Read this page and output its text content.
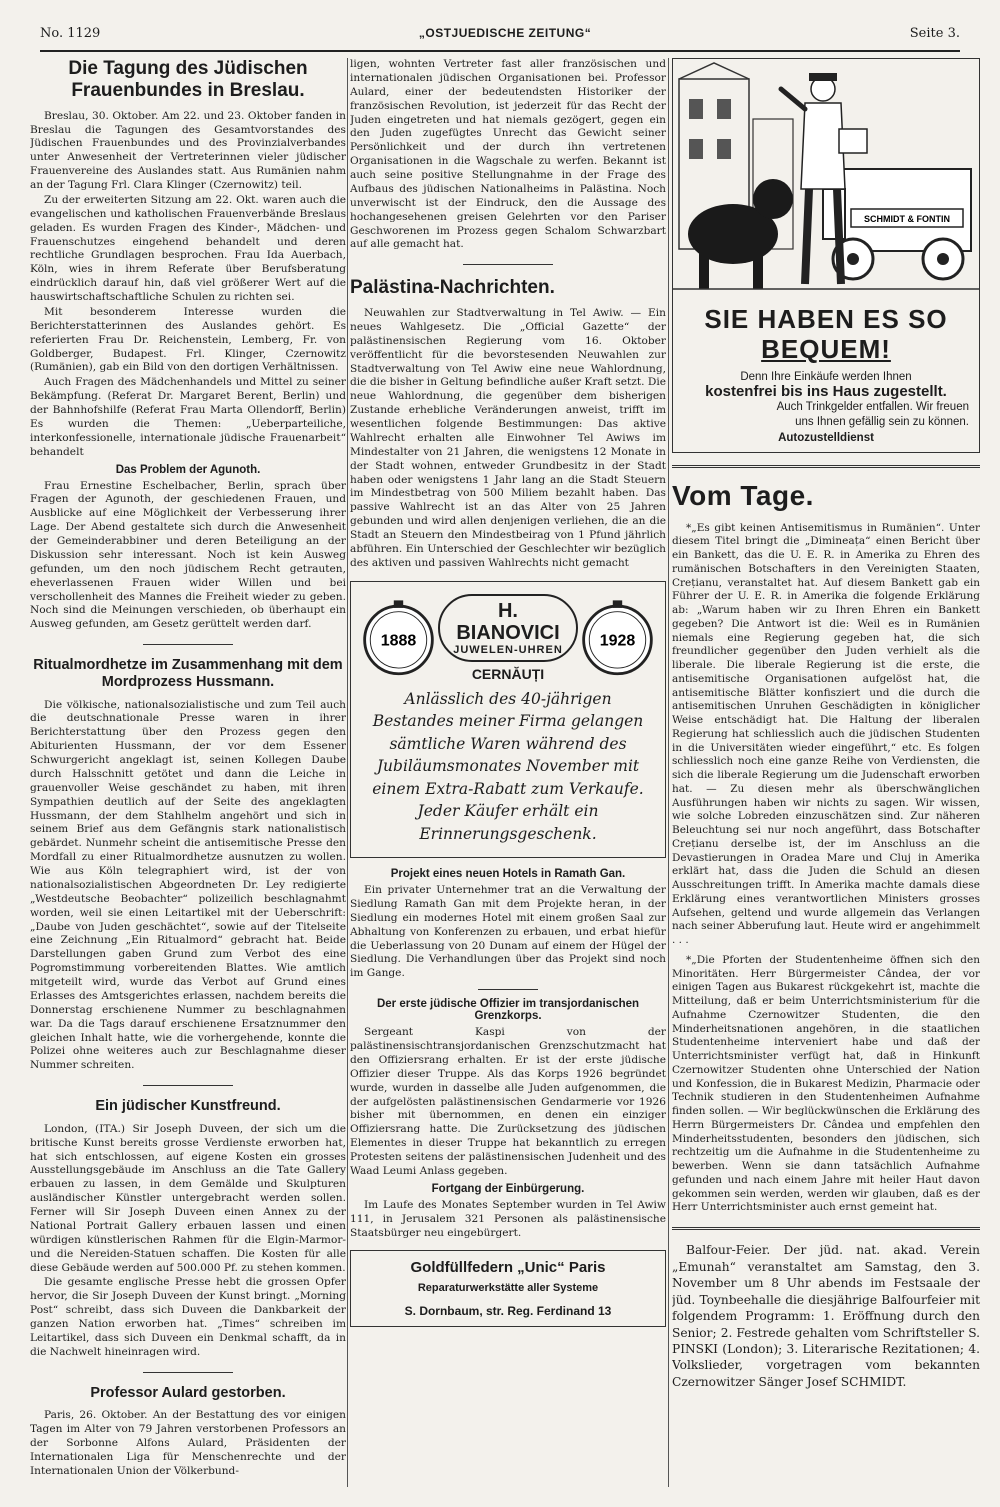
No. 1129	„OSTJUEDISCHE ZEITUNG“	Seite 3.
Die Tagung des Jüdischen Frauenbundes in Breslau.

Breslau, 30. Oktober. Am 22. und 23. Oktober fanden in Breslau die Tagungen des Gesamtvorstandes des Jüdischen Frauenbundes und des Provinzialverbandes unter Anwesenheit der Vertreterinnen vieler jüdischer Frauenvereine des Auslandes statt. Aus Rumänien nahm an der Tagung Frl. Clara Klinger (Czernowitz) teil.

Zu der erweiterten Sitzung am 22. Okt. waren auch die evangelischen und katholischen Frauenverbände Breslaus geladen. Es wurden Fragen des Kinder-, Mädchen- und Frauenschutzes eingehend behandelt und deren rechtliche Grundlagen besprochen. Frau Ida Auerbach, Köln, wies in ihrem Referate über Berufsberatung eindrücklich darauf hin, daß viel größerer Wert auf die hauswirtschaftschaftliche Schulen zu richten sei.

Mit besonderem Interesse wurden die Berichterstatterinnen des Auslandes gehört. Es referierten Frau Dr. Reichenstein, Lemberg, Fr. von Goldberger, Budapest. Frl. Klinger, Czernowitz (Rumänien), gab ein Bild von den dortigen Verhältnissen.

Auch Fragen des Mädchenhandels und Mittel zu seiner Bekämpfung. (Referat Dr. Margaret Berent, Berlin) und der Bahnhofshilfe (Referat Frau Marta Ollendorff, Berlin) Es wurden die Themen: „Ueberparteiliche, interkonfessionelle, internationale jüdische Frauenarbeit“ behandelt

Das Problem der Agunoth.

Frau Ernestine Eschelbacher, Berlin, sprach über Fragen der Agunoth, der geschiedenen Frauen, und Ausblicke auf eine Möglichkeit der Verbesserung ihrer Lage. Der Abend gestaltete sich durch die Anwesenheit der Gemeinderabbiner und deren Beteiligung an der Diskussion sehr interessant. Noch ist kein Ausweg gefunden, um den noch jüdischem Recht getrauten, eheverlassenen Frauen wider Willen und bei verschollenheit des Mannes die Freiheit wieder zu geben. Noch sind die Meinungen verschieden, ob überhaupt ein Ausweg gefunden, am Gesetz gerüttelt werden darf.

Ritualmordhetze im Zusammenhang mit dem Mordprozess Hussmann.

Die völkische, nationalsozialistische und zum Teil auch die deutschnationale Presse waren in ihrer Berichterstattung über den Prozess gegen den Abiturienten Hussmann, der vor dem Essener Schwurgericht angeklagt ist, seinen Kollegen Daube durch Halsschnitt getötet und dann die Leiche in grauenvoller Weise geschändet zu haben, mit ihren Sympathien deutlich auf der Seite des angeklagten Hussmann, der dem Stahlhelm angehört und sich in seinem Brief aus dem Gefängnis stark nationalistisch gebärdet. Nunmehr scheint die antisemitische Presse den Mordfall zu einer Ritualmordhetze ausnutzen zu wollen. Wie aus Köln telegraphiert wird, ist der von nationalsozialistischen Abgeordneten Dr. Ley redigierte „Westdeutsche Beobachter“ polizeilich beschlagnahmt worden, weil sie einen Leitartikel mit der Ueberschrift: „Daube von Juden geschächtet“, sowie auf der Titelseite eine Zeichnung „Ein Ritualmord“ gebracht hat. Beide Darstellungen gaben Grund zum Verbot des eine Pogromstimmung vorbereitenden Blattes. Wie amtlich mitgeteilt wird, wurde das Verbot auf Grund eines Erlasses des Amtsgerichtes erlassen, nachdem bereits die Donnerstag erschienene Nummer zu beschlagnahmen war. Da die Tags darauf erschienene Ersatznummer den gleichen Inhalt hatte, wie die vorhergehende, konnte die Polizei ohne weiteres auch zur Beschlagnahme dieser Nummer schreiten.

Ein jüdischer Kunstfreund.

London, (ITA.) Sir Joseph Duveen, der sich um die britische Kunst bereits grosse Verdienste erworben hat, hat sich entschlossen, auf eigene Kosten ein grosses Ausstellungsgebäude im Anschluss an die Tate Gallery erbauen zu lassen, in dem Gemälde und Skulpturen ausländischer Künstler untergebracht werden sollen. Ferner will Sir Joseph Duveen einen Annex zu der National Portrait Gallery erbauen lassen und einen würdigen künstlerischen Rahmen für die Elgin-Marmor- und die Nereiden-Statuen schaffen. Die Kosten für alle diese Gebäude werden auf 500.000 Pf. zu stehen kommen.

Die gesamte englische Presse hebt die grossen Opfer hervor, die Sir Joseph Duveen der Kunst bringt. „Morning Post“ schreibt, dass sich Duveen die Dankbarkeit der ganzen Nation erworben hat. „Times“ schreiben im Leitartikel, dass sich Duveen ein Denkmal schafft, da in die Nachwelt hineinragen wird.

Professor Aulard gestorben.

Paris, 26. Oktober. An der Bestattung des vor einigen Tagen im Alter von 79 Jahren verstorbenen Professors an der Sorbonne Alfons Aulard, Präsidenten der Internationalen Liga für Menschenrechte und der Internationalen Union der Völkerbund-

ligen, wohnten Vertreter fast aller französischen und internationalen jüdischen Organisationen bei. Professor Aulard, einer der bedeutendsten Historiker der französischen Revolution, ist jederzeit für das Recht der Juden eingetreten und hat niemals gezögert, gegen ein den Juden zugefügtes Unrecht das Gewicht seiner Persönlichkeit und der durch ihn vertretenen Organisationen in die Wagschale zu werfen. Bekannt ist auch seine positive Stellungnahme in der Frage des Aufbaus des jüdischen Nationalheims in Palästina. Noch unverwischt ist der Eindruck, den die Aussage des hochangesehenen greisen Gelehrten vor den Pariser Geschworenen im Prozess gegen Schalom Schwarzbart auf alle gemacht hat.

Palästina-Nachrichten.

Neuwahlen zur Stadtverwaltung in Tel Awiw. — Ein neues Wahlgesetz. Die „Official Gazette“ der palästinensischen Regierung vom 16. Oktober veröffentlicht für die bevorstesenden Neuwahlen zur Stadtverwaltung von Tel Awiw eine neue Wahlordnung, die die bisher in Geltung befindliche außer Kraft setzt. Die neue Wahlordnung, die gegenüber dem bisherigen Zustande erhebliche Veränderungen anweist, trifft im wesentlichen folgende Bestimmungen: Das aktive Wahlrecht erhalten alle Einwohner Tel Awiws im Mindestalter von 21 Jahren, die wenigstens 12 Monate in der Stadt wohnen, entweder Grundbesitz in der Stadt haben oder wenigstens 1 Jahr lang an die Stadt Steuern im Mindestbetrag von 500 Miliem bezahlt haben. Das passive Wahlrecht ist an das Alter von 25 Jahren gebunden und wird allen denjenigen verliehen, die an die Stadt an Steuern den Mindestbeirag von 1 Pfund jährlich abführen. Ein Unterschied der Geschlechter wir bezüglich des aktiven und passiven Wahlrechts nicht gemacht

1888
H. BIANOVICI
JUWELEN-UHREN
CERNĂUȚI
1928
Anlässlich des 40-jährigen Bestandes meiner Firma gelangen sämtliche Waren während des Jubiläumsmonates November mit einem Extra-Rabatt zum Verkaufe. Jeder Käufer erhält ein Erinnerungsgeschenk.
Projekt eines neuen Hotels in Ramath Gan.

Ein privater Unternehmer trat an die Verwaltung der Siedlung Ramath Gan mit dem Projekte heran, in der Siedlung ein modernes Hotel mit einem großen Saal zur Abhaltung von Konferenzen zu erbauen, und erbat hiefür die Ueberlassung von 20 Dunam auf einem der Hügel der Siedlung. Die Verhandlungen über das Projekt sind noch im Gange.

Der erste jüdische Offizier im transjordanischen Grenzkorps.

Sergeant Kaspi von der palästinensischtransjordanischen Grenzschutzmacht hat den Offiziersrang erhalten. Er ist der erste jüdische Offizier dieser Truppe. Als das Korps 1926 begründet wurde, wurden in dasselbe alle Juden aufgenommen, die der aufgelösten palästinensischen Gendarmerie vor 1926 bisher mit übernommen, en denen ein einziger Offiziersrang hatte. Die Zurücksetzung des jüdischen Elementes in dieser Truppe hat bekanntlich zu erregen Protesten seitens der palästinensischen Judenheit und des Waad Leumi Anlass gegeben.

Fortgang der Einbürgerung.

Im Laufe des Monates September wurden in Tel Awiw 111, in Jerusalem 321 Personen als palästinensische Staatsbürger neu eingebürgert.

Goldfüllfedern „Unic“ Paris
Reparaturwerkstätte aller Systeme
S. Dornbaum, str. Reg. Ferdinand 13
SCHMIDT & FONTIN
SIE HABEN ES SO
BEQUEM!
Denn Ihre Einkäufe werden Ihnen
kostenfrei bis ins Haus zugestellt.
Auch Trinkgelder entfallen. Wir freuen
uns Ihnen gefällig sein zu können.
Autozustelldienst
Vom Tage.

*„Es gibt keinen Antisemitismus in Rumänien“. Unter diesem Titel bringt die „Dimineața“ einen Bericht über ein Bankett, das die U. E. R. in Amerika zu Ehren des rumänischen Botschafters in den Vereinigten Staaten, Crețianu, veranstaltet hat. Auf diesem Bankett gab ein Führer der U. E. R. in Amerika die folgende Erklärung ab: „Warum haben wir zu Ihren Ehren ein Bankett gegeben? Die Antwort ist die: Weil es in Rumänien niemals eine Regierung gegeben hat, die sich freundlicher gegenüber den Juden verhielt als die liberale. Die liberale Regierung ist die erste, die antisemitische Organisationen aufgelöst hat, die antisemitische Blätter konfisziert und die durch die antisemitischen Unruhen Geschädigten in königlicher Weise entschädigt hat. Die Haltung der liberalen Regierung hat schliesslich auch die jüdischen Studenten in die Universitäten wieder eingeführt,“ etc. Es folgen schliesslich noch eine ganze Reihe von Verdiensten, die sich die liberale Regierung um die Judenschaft erworben hat. — Zu diesen mehr als überschwänglichen Ausführungen haben wir nichts zu sagen. Wir wissen, wie solche Lobreden einzuschätzen sind. Zur näheren Beleuchtung sei nur noch angeführt, dass Botschafter Crețianu derselbe ist, der im Anschluss an die Devastierungen in Oradea Mare und Cluj in Amerika erklärt hat, dass die Juden die Schuld an diesen Ausschreitungen trifft. In Amerika machte damals diese Erklärung eines verantwortlichen Ministers grosses Aufsehen, geltend und wurde allgemein das Verlangen nach seiner Abberufung laut. Heute wird er angehimmelt . . .

*„Die Pforten der Studentenheime öffnen sich den Minoritäten. Herr Bürgermeister Cândea, der vor einigen Tagen aus Bukarest rückgekehrt ist, machte die Mitteilung, daß er beim Unterrichtsministerium für die Aufnahme Czernowitzer Studenten, die den Minderheitsnationen angehören, in die staatlichen Studentenheime interveniert habe und daß der Unterrichtsminister verfügt hat, daß in Hinkunft Czernowitzer Studenten ohne Unterschied der Nation und Konfession, die in Bukarest Medizin, Pharmacie oder Technik studieren in den Studentenheimen Aufnahme finden sollen. — Wir beglückwünschen die Erklärung des Herrn Bürgermeisters Dr. Cândea und empfehlen den Minderheitsstudenten, besonders den jüdischen, sich rechtzeitig um die Aufnahme in die Studentenheime zu bewerben. Wenn sie dann tatsächlich Aufnahme gefunden und nach einem Jahre mit heiler Haut davon gekommen sein werden, werden wir glauben, daß es der Herr Unterrichtsminister auch ernst gemeint hat.

Balfour-Feier. Der jüd. nat. akad. Verein „Emunah“ veranstaltet am Samstag, den 3. November um 8 Uhr abends im Festsaale der jüd. Toynbeehalle die diesjährige Balfourfeier mit folgendem Programm: 1. Eröffnung durch den Senior; 2. Festrede gehalten vom Schriftsteller S. PINSKI (London); 3. Literarische Rezitationen; 4. Volkslieder, vorgetragen vom bekannten Czernowitzer Sänger Josef SCHMIDT.
